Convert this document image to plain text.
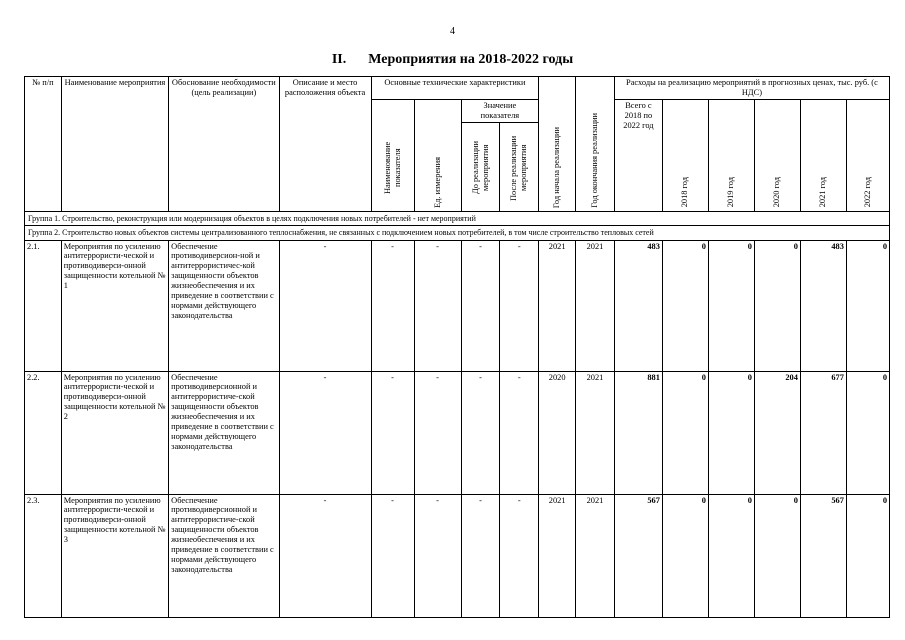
4
II. Мероприятия на 2018-2022 годы
№ п/п	Наименование мероприятия	Обоснование необходимости (цель реализации)	Описание и место расположения объекта	Основные технические характеристики				Год начала реализации	Год окончания реализации	Расходы на реализацию мероприятий в прогнозных ценах, тыс. руб. (с НДС)					
				Наименование показателя	Ед. измерения	Значение показателя				Всего с 2018 по 2022 год	2018 год	2019 год	2020 год	2021 год	2022 год
						До реализации мероприятия	После реализации мероприятия								
Группа 1. Строительство, реконструкция или модернизация объектов в целях подключения новых потребителей - нет мероприятий															
Группа 2. Строительство новых объектов системы централизованного теплоснабжения, не связанных с подключением новых потребителей, в том числе строительство тепловых сетей															
2.1.	Мероприятия по усилению антитеррористи-ческой и противодиверси-онной защищенности котельной № 1	Обеспечение противодиверсион-ной и антитеррористичес-кой защищенности объектов жизнеобеспечения и их приведение в соответствии с нормами действующего законодательства	-	-	-	-	-	2021	2021	483	0	0	0	483	0
2.2.	Мероприятия по усилению антитеррористи-ческой и противодиверси-онной защищенности котельной № 2	Обеспечение противодиверсионной и антитеррористиче-ской защищенности объектов жизнеобеспечения и их приведение в соответствии с нормами действующего законодательства	-	-	-	-	-	2020	2021	881	0	0	204	677	0
2.3.	Мероприятия по усилению антитеррористи-ческой и противодиверси-онной защищенности котельной № 3	Обеспечение противодиверсионной и антитеррористиче-ской защищенности объектов жизнеобеспечения и их приведение в соответствии с нормами действующего законодательства	-	-	-	-	-	2021	2021	567	0	0	0	567	0
